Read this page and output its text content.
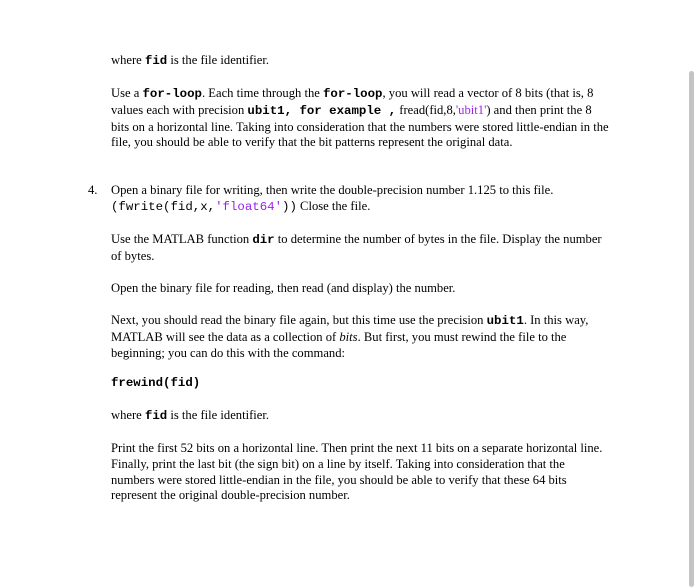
where fid is the file identifier.

Use a for-loop. Each time through the for-loop, you will read a vector of 8 bits (that is, 8 values each with precision ubit1, for example , fread(fid,8,'ubit1') and then print the 8 bits on a horizontal line. Taking into consideration that the numbers were stored little-endian in the file, you should be able to verify that the bit patterns represent the original data.

4. Open a binary file for writing, then write the double-precision number 1.125 to this file. (fwrite(fid,x,'float64')) Close the file.

Use the MATLAB function dir to determine the number of bytes in the file. Display the number of bytes.

Open the binary file for reading, then read (and display) the number.

Next, you should read the binary file again, but this time use the precision ubit1. In this way, MATLAB will see the data as a collection of bits. But first, you must rewind the file to the beginning; you can do this with the command:

frewind(fid)

where fid is the file identifier.

Print the first 52 bits on a horizontal line. Then print the next 11 bits on a separate horizontal line. Finally, print the last bit (the sign bit) on a line by itself. Taking into consideration that the numbers were stored little-endian in the file, you should be able to verify that these 64 bits represent the original double-precision number.
